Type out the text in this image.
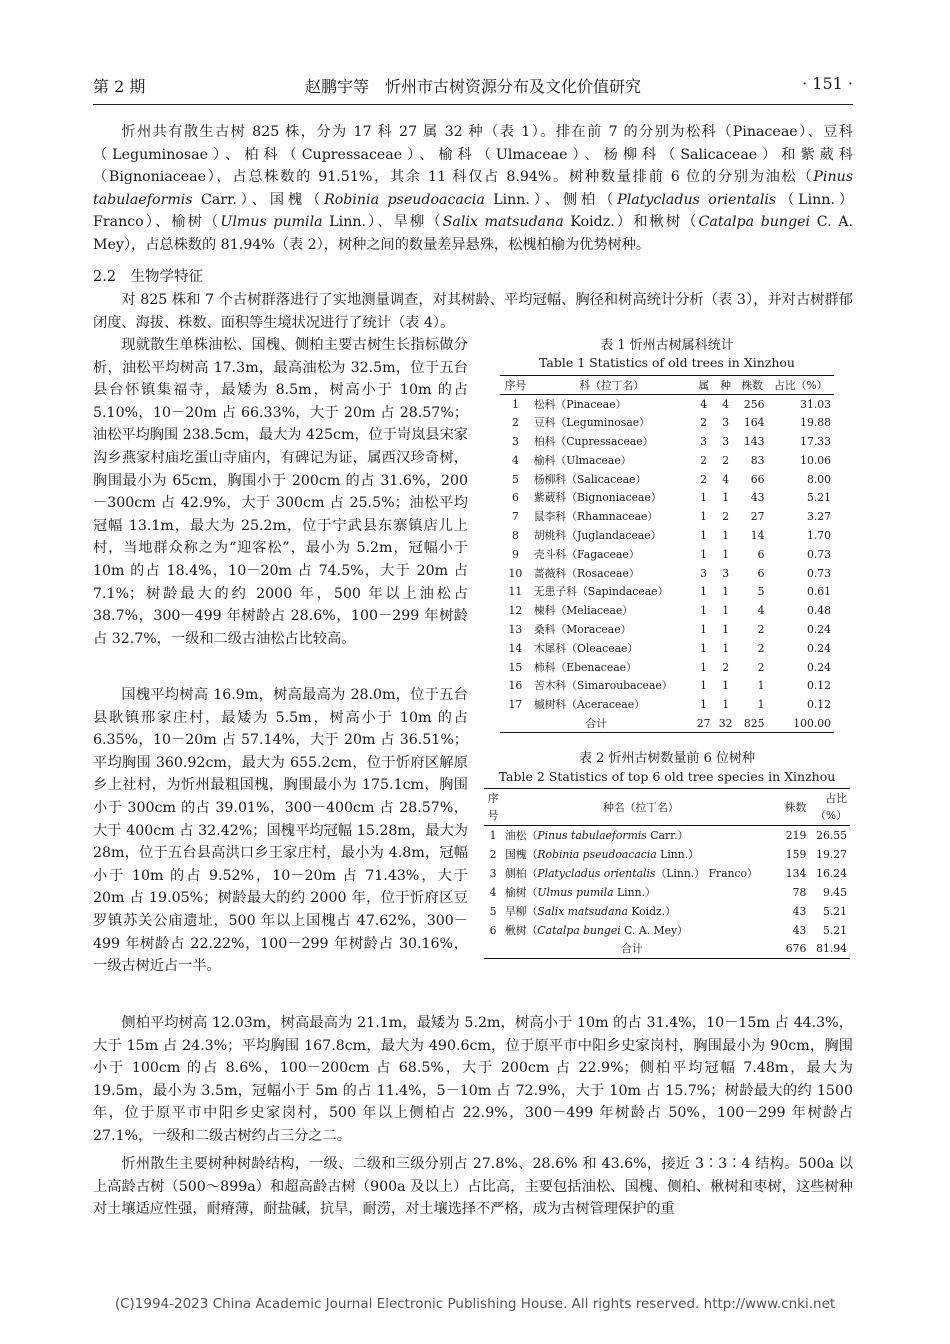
第 2 期	赵鹏宇等　忻州市古树资源分布及文化价值研究	· 151 ·

忻州共有散生古树 825 株，分为 17 科 27 属 32 种（表 1）。排在前 7 的分别为松科（Pinaceae）、豆科（Leguminosae）、柏科（Cupressaceae）、榆科（Ulmaceae）、杨柳科（Salicaceae）和紫葳科（Bignoniaceae），占总株数的 91.51%，其余 11 科仅占 8.94%。树种数量排前 6 位的分别为油松（Pinus tabulaeformis Carr.）、国槐（Robinia pseudoacacia Linn.）、侧柏（Platycladus orientalis（Linn.） Franco）、榆树（Ulmus pumila Linn.）、旱柳（Salix matsudana Koidz.）和楸树（Catalpa bungei C. A. Mey），占总株数的 81.94%（表 2），树种之间的数量差异悬殊，松槐柏榆为优势树种。

2.2　生物学特征

对 825 株和 7 个古树群落进行了实地测量调查，对其树龄、平均冠幅、胸径和树高统计分析（表 3），并对古树群郁闭度、海拔、株数、面积等生境状况进行了统计（表 4）。

现就散生单株油松、国槐、侧柏主要古树生长指标做分析，油松平均树高 17.3m，最高油松为 32.5m，位于五台县台怀镇集福寺，最矮为 8.5m，树高小于 10m 的占 5.10%，10－20m 占 66.33%，大于 20m 占 28.57%；油松平均胸围 238.5cm，最大为 425cm，位于岢岚县宋家沟乡燕家村庙圪蛋山寺庙内，有碑记为证，属西汉珍奇树，胸围最小为 65cm，胸围小于 200cm 的占 31.6%，200－300cm 占 42.9%，大于 300cm 占 25.5%；油松平均冠幅 13.1m，最大为 25.2m，位于宁武县东寨镇店儿上村，当地群众称之为“迎客松”，最小为 5.2m，冠幅小于 10m 的占 18.4%，10－20m 占 74.5%，大于 20m 占 7.1%；树龄最大的约 2000 年，500 年以上油松占 38.7%，300－499 年树龄占 28.6%，100－299 年树龄占 32.7%，一级和二级古油松占比较高。

国槐平均树高 16.9m，树高最高为 28.0m，位于五台县耿镇邢家庄村，最矮为 5.5m，树高小于 10m 的占 6.35%，10－20m 占 57.14%，大于 20m 占 36.51%；平均胸围 360.92cm，最大为 655.2cm，位于忻府区解原乡上社村，为忻州最粗国槐，胸围最小为 175.1cm，胸围小于 300cm 的占 39.01%，300－400cm 占 28.57%，大于 400cm 占 32.42%；国槐平均冠幅 15.28m，最大为 28m，位于五台县高洪口乡王家庄村，最小为 4.8m，冠幅小于 10m 的占 9.52%，10－20m 占 71.43%，大于 20m 占 19.05%；树龄最大的约 2000 年，位于忻府区豆罗镇苏关公庙遗址，500 年以上国槐占 47.62%，300－499 年树龄占 22.22%，100－299 年树龄占 30.16%，一级古树近占一半。

侧柏平均树高 12.03m，树高最高为 21.1m，最矮为 5.2m，树高小于 10m 的占 31.4%，10－15m 占 44.3%，大于 15m 占 24.3%；平均胸围 167.8cm，最大为 490.6cm，位于原平市中阳乡史家岗村，胸围最小为 90cm，胸围小于 100cm 的占 8.6%，100－200cm 占 68.5%，大于 200cm 占 22.9%；侧柏平均冠幅 7.48m，最大为 19.5m，最小为 3.5m，冠幅小于 5m 的占 11.4%，5－10m 占 72.9%，大于 10m 占 15.7%；树龄最大的约 1500 年，位于原平市中阳乡史家岗村，500 年以上侧柏占 22.9%，300－499 年树龄占 50%，100－299 年树龄占 27.1%，一级和二级古树约占三分之二。

忻州散生主要树种树龄结构，一级、二级和三级分别占 27.8%、28.6% 和 43.6%，接近 3∶3∶4 结构。500a 以上高龄古树（500～899a）和超高龄古树（900a 及以上）占比高，主要包括油松、国槐、侧柏、楸树和枣树，这些树种对土壤适应性强，耐瘠薄，耐盐碱，抗旱，耐涝，对土壤选择不严格，成为古树管理保护的重

表 1 忻州古树属科统计
Table 1 Statistics of old trees in Xinzhou
序号	科（拉丁名）	属	种	株数	占比（%）
1	松科（Pinaceae）	4	4	256	31.03
2	豆科（Leguminosae）	2	3	164	19.88
3	柏科（Cupressaceae）	3	3	143	17.33
4	榆科（Ulmaceae）	2	2	83	10.06
5	杨柳科（Salicaceae）	2	4	66	8.00
6	紫葳科（Bignoniaceae）	1	1	43	5.21
7	鼠李科（Rhamnaceae）	1	2	27	3.27
8	胡桃科（Juglandaceae）	1	1	14	1.70
9	壳斗科（Fagaceae）	1	1	6	0.73
10	蔷薇科（Rosaceae）	3	3	6	0.73
11	无患子科（Sapindaceae）	1	1	5	0.61
12	楝科（Meliaceae）	1	1	4	0.48
13	桑科（Moraceae）	1	1	2	0.24
14	木犀科（Oleaceae）	1	1	2	0.24
15	柿科（Ebenaceae）	1	2	2	0.24
16	苦木科（Simaroubaceae）	1	1	1	0.12
17	槭树科（Aceraceae）	1	1	1	0.12
合计		27	32	825	100.00
表 2 忻州古树数量前 6 位树种
Table 2 Statistics of top 6 old tree species in Xinzhou
序
号	种名（拉丁名）	株数	占比
（%）
1	油松（Pinus tabulaeformis Carr.）	219	26.55
2	国槐（Robinia pseudoacacia Linn.）	159	19.27
3	侧柏（Platycladus orientalis（Linn.） Franco）	134	16.24
4	榆树（Ulmus pumila Linn.）	78	9.45
5	旱柳（Salix matsudana Koidz.）	43	5.21
6	楸树（Catalpa bungei C. A. Mey）	43	5.21
合计		676	81.94
(C)1994-2023 China Academic Journal Electronic Publishing House. All rights reserved. http://www.cnki.net
